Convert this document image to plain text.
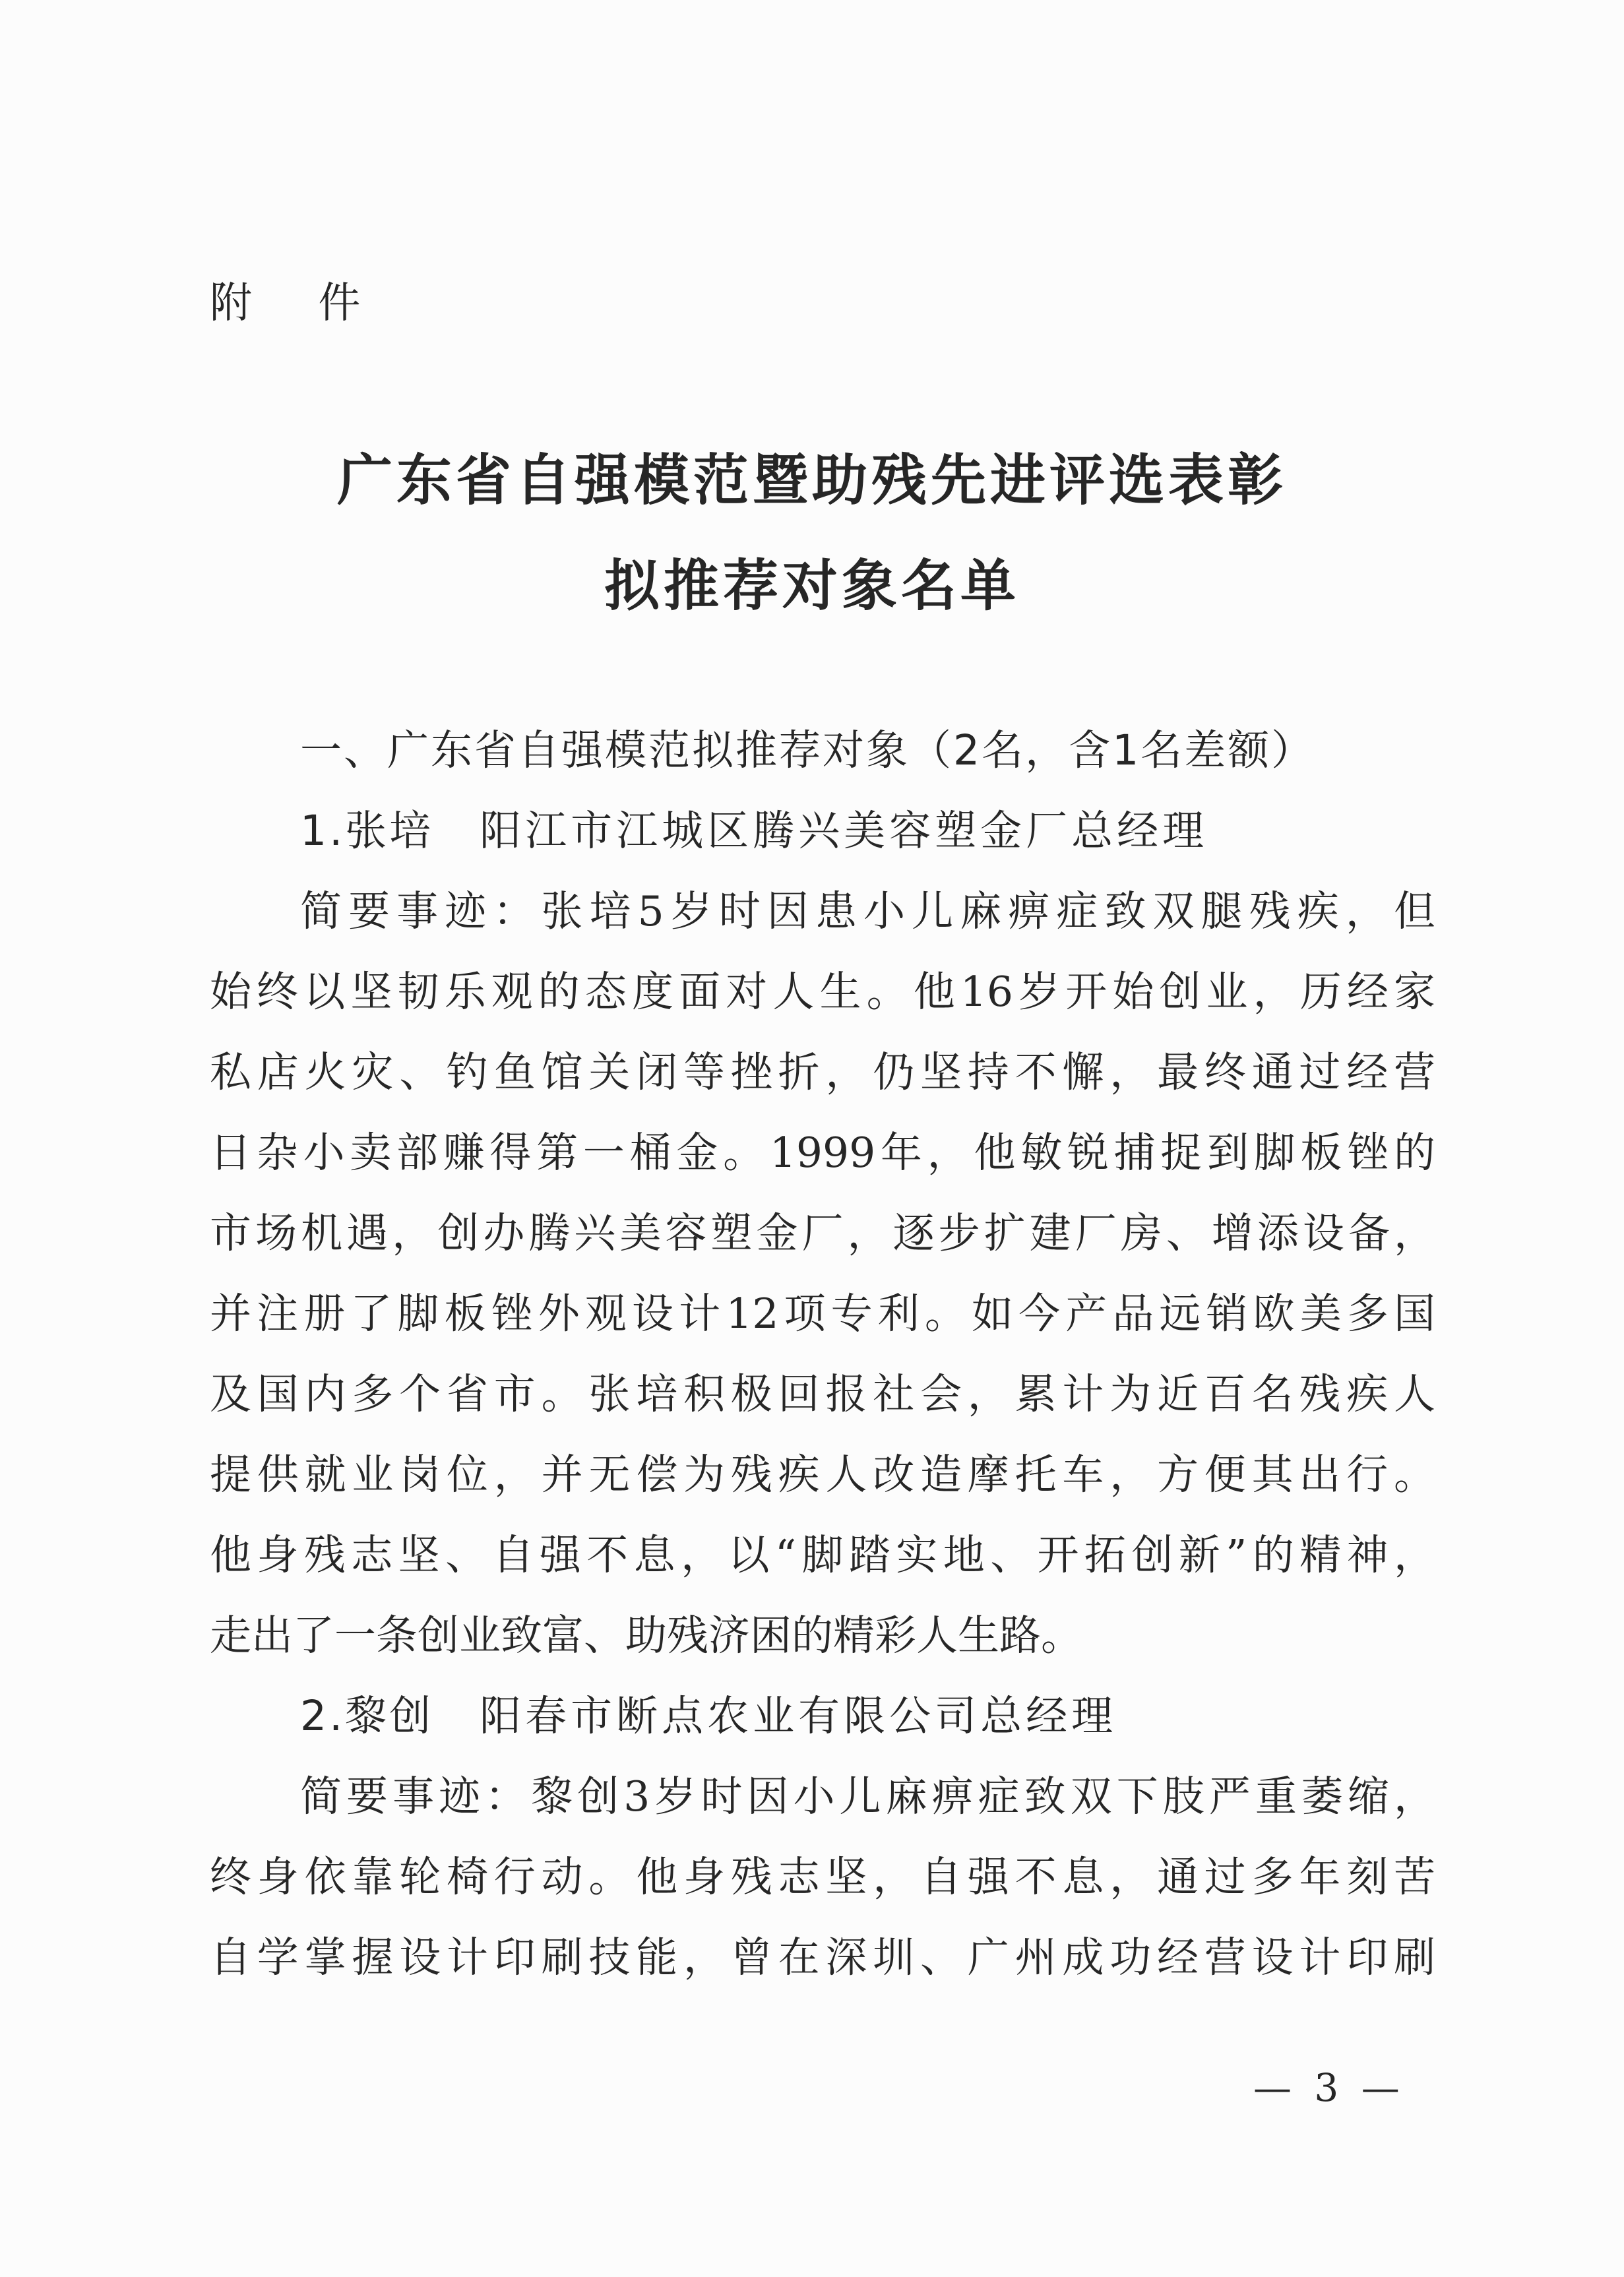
附 件
广东省自强模范暨助残先进评选表彰
拟推荐对象名单
一、广东省自强模范拟推荐对象（2名，含1名差额）
1.张培 阳江市江城区腾兴美容塑金厂总经理
简要事迹：张培5岁时因患小儿麻痹症致双腿残疾，但
始终以坚韧乐观的态度面对人生。他16岁开始创业，历经家
私店火灾、钓鱼馆关闭等挫折，仍坚持不懈，最终通过经营
日杂小卖部赚得第一桶金。1999年，他敏锐捕捉到脚板锉的
市场机遇，创办腾兴美容塑金厂，逐步扩建厂房、增添设备，
并注册了脚板锉外观设计12项专利。如今产品远销欧美多国
及国内多个省市。张培积极回报社会，累计为近百名残疾人
提供就业岗位，并无偿为残疾人改造摩托车，方便其出行。
他身残志坚、自强不息，以“脚踏实地、开拓创新”的精神，
走出了一条创业致富、助残济困的精彩人生路。
2.黎创 阳春市断点农业有限公司总经理
简要事迹：黎创3岁时因小儿麻痹症致双下肢严重萎缩，
终身依靠轮椅行动。他身残志坚，自强不息，通过多年刻苦
自学掌握设计印刷技能，曾在深圳、广州成功经营设计印刷
— 3 —
